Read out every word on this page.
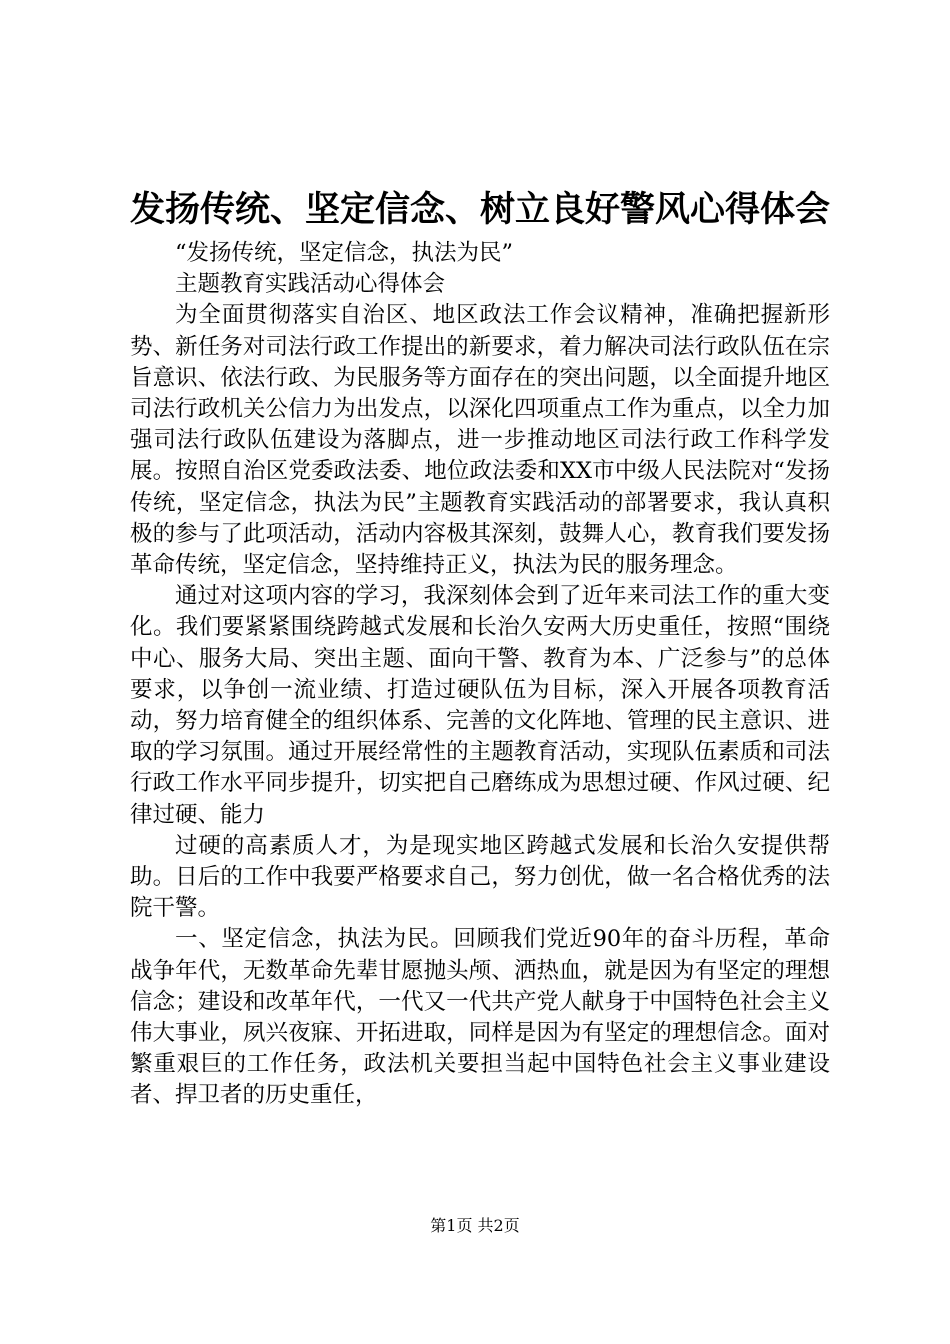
发扬传统、坚定信念、树立良好警风心得体会

“发扬传统，坚定信念，执法为民”

主题教育实践活动心得体会

为全面贯彻落实自治区、地区政法工作会议精神，准确把握新形势、新任务对司法行政工作提出的新要求，着力解决司法行政队伍在宗旨意识、依法行政、为民服务等方面存在的突出问题，以全面提升地区司法行政机关公信力为出发点，以深化四项重点工作为重点，以全力加强司法行政队伍建设为落脚点，进一步推动地区司法行政工作科学发展。按照自治区党委政法委、地位政法委和XX市中级人民法院对“发扬传统，坚定信念，执法为民”主题教育实践活动的部署要求，我认真积极的参与了此项活动，活动内容极其深刻，鼓舞人心，教育我们要发扬革命传统，坚定信念，坚持维持正义，执法为民的服务理念。

通过对这项内容的学习，我深刻体会到了近年来司法工作的重大变化。我们要紧紧围绕跨越式发展和长治久安两大历史重任，按照“围绕中心、服务大局、突出主题、面向干警、教育为本、广泛参与”的总体要求，以争创一流业绩、打造过硬队伍为目标，深入开展各项教育活动，努力培育健全的组织体系、完善的文化阵地、管理的民主意识、进取的学习氛围。通过开展经常性的主题教育活动，实现队伍素质和司法行政工作水平同步提升，切实把自己磨练成为思想过硬、作风过硬、纪律过硬、能力

过硬的高素质人才，为是现实地区跨越式发展和长治久安提供帮助。日后的工作中我要严格要求自己，努力创优，做一名合格优秀的法院干警。

一、坚定信念，执法为民。回顾我们党近90年的奋斗历程，革命战争年代，无数革命先辈甘愿抛头颅、洒热血，就是因为有坚定的理想信念；建设和改革年代，一代又一代共产党人献身于中国特色社会主义伟大事业，夙兴夜寐、开拓进取，同样是因为有坚定的理想信念。面对繁重艰巨的工作任务，政法机关要担当起中国特色社会主义事业建设者、捍卫者的历史重任，

第1页 共2页
